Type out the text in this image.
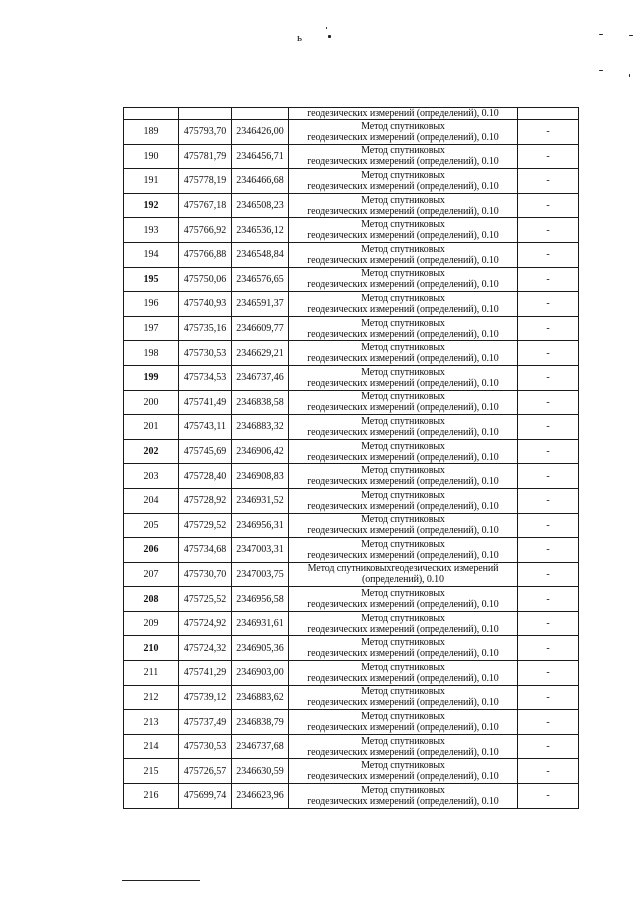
ь

			геодезических измерений (определений), 0.10	

189	475793,70	2346426,00	Метод спутниковых
геодезических измерений (определений), 0.10	-
190	475781,79	2346456,71	Метод спутниковых
геодезических измерений (определений), 0.10	-
191	475778,19	2346466,68	Метод спутниковых
геодезических измерений (определений), 0.10	-
192	475767,18	2346508,23	Метод спутниковых
геодезических измерений (определений), 0.10	-
193	475766,92	2346536,12	Метод спутниковых
геодезических измерений (определений), 0.10	-
194	475766,88	2346548,84	Метод спутниковых
геодезических измерений (определений), 0.10	-
195	475750,06	2346576,65	Метод спутниковых
геодезических измерений (определений), 0.10	-
196	475740,93	2346591,37	Метод спутниковых
геодезических измерений (определений), 0.10	-
197	475735,16	2346609,77	Метод спутниковых
геодезических измерений (определений), 0.10	-
198	475730,53	2346629,21	Метод спутниковых
геодезических измерений (определений), 0.10	-
199	475734,53	2346737,46	Метод спутниковых
геодезических измерений (определений), 0.10	-
200	475741,49	2346838,58	Метод спутниковых
геодезических измерений (определений), 0.10	-
201	475743,11	2346883,32	Метод спутниковых
геодезических измерений (определений), 0.10	-
202	475745,69	2346906,42	Метод спутниковых
геодезических измерений (определений), 0.10	-
203	475728,40	2346908,83	Метод спутниковых
геодезических измерений (определений), 0.10	-
204	475728,92	2346931,52	Метод спутниковых
геодезических измерений (определений), 0.10	-
205	475729,52	2346956,31	Метод спутниковых
геодезических измерений (определений), 0.10	-
206	475734,68	2347003,31	Метод спутниковых
геодезических измерений (определений), 0.10	-
207	475730,70	2347003,75	Метод спутниковыхгеодезических измерений
(определений), 0.10	-
208	475725,52	2346956,58	Метод спутниковых
геодезических измерений (определений), 0.10	-
209	475724,92	2346931,61	Метод спутниковых
геодезических измерений (определений), 0.10	-
210	475724,32	2346905,36	Метод спутниковых
геодезических измерений (определений), 0.10	-
211	475741,29	2346903,00	Метод спутниковых
геодезических измерений (определений), 0.10	-
212	475739,12	2346883,62	Метод спутниковых
геодезических измерений (определений), 0.10	-
213	475737,49	2346838,79	Метод спутниковых
геодезических измерений (определений), 0.10	-
214	475730,53	2346737,68	Метод спутниковых
геодезических измерений (определений), 0.10	-
215	475726,57	2346630,59	Метод спутниковых
геодезических измерений (определений), 0.10	-
216	475699,74	2346623,96	Метод спутниковых
геодезических измерений (определений), 0.10	-
